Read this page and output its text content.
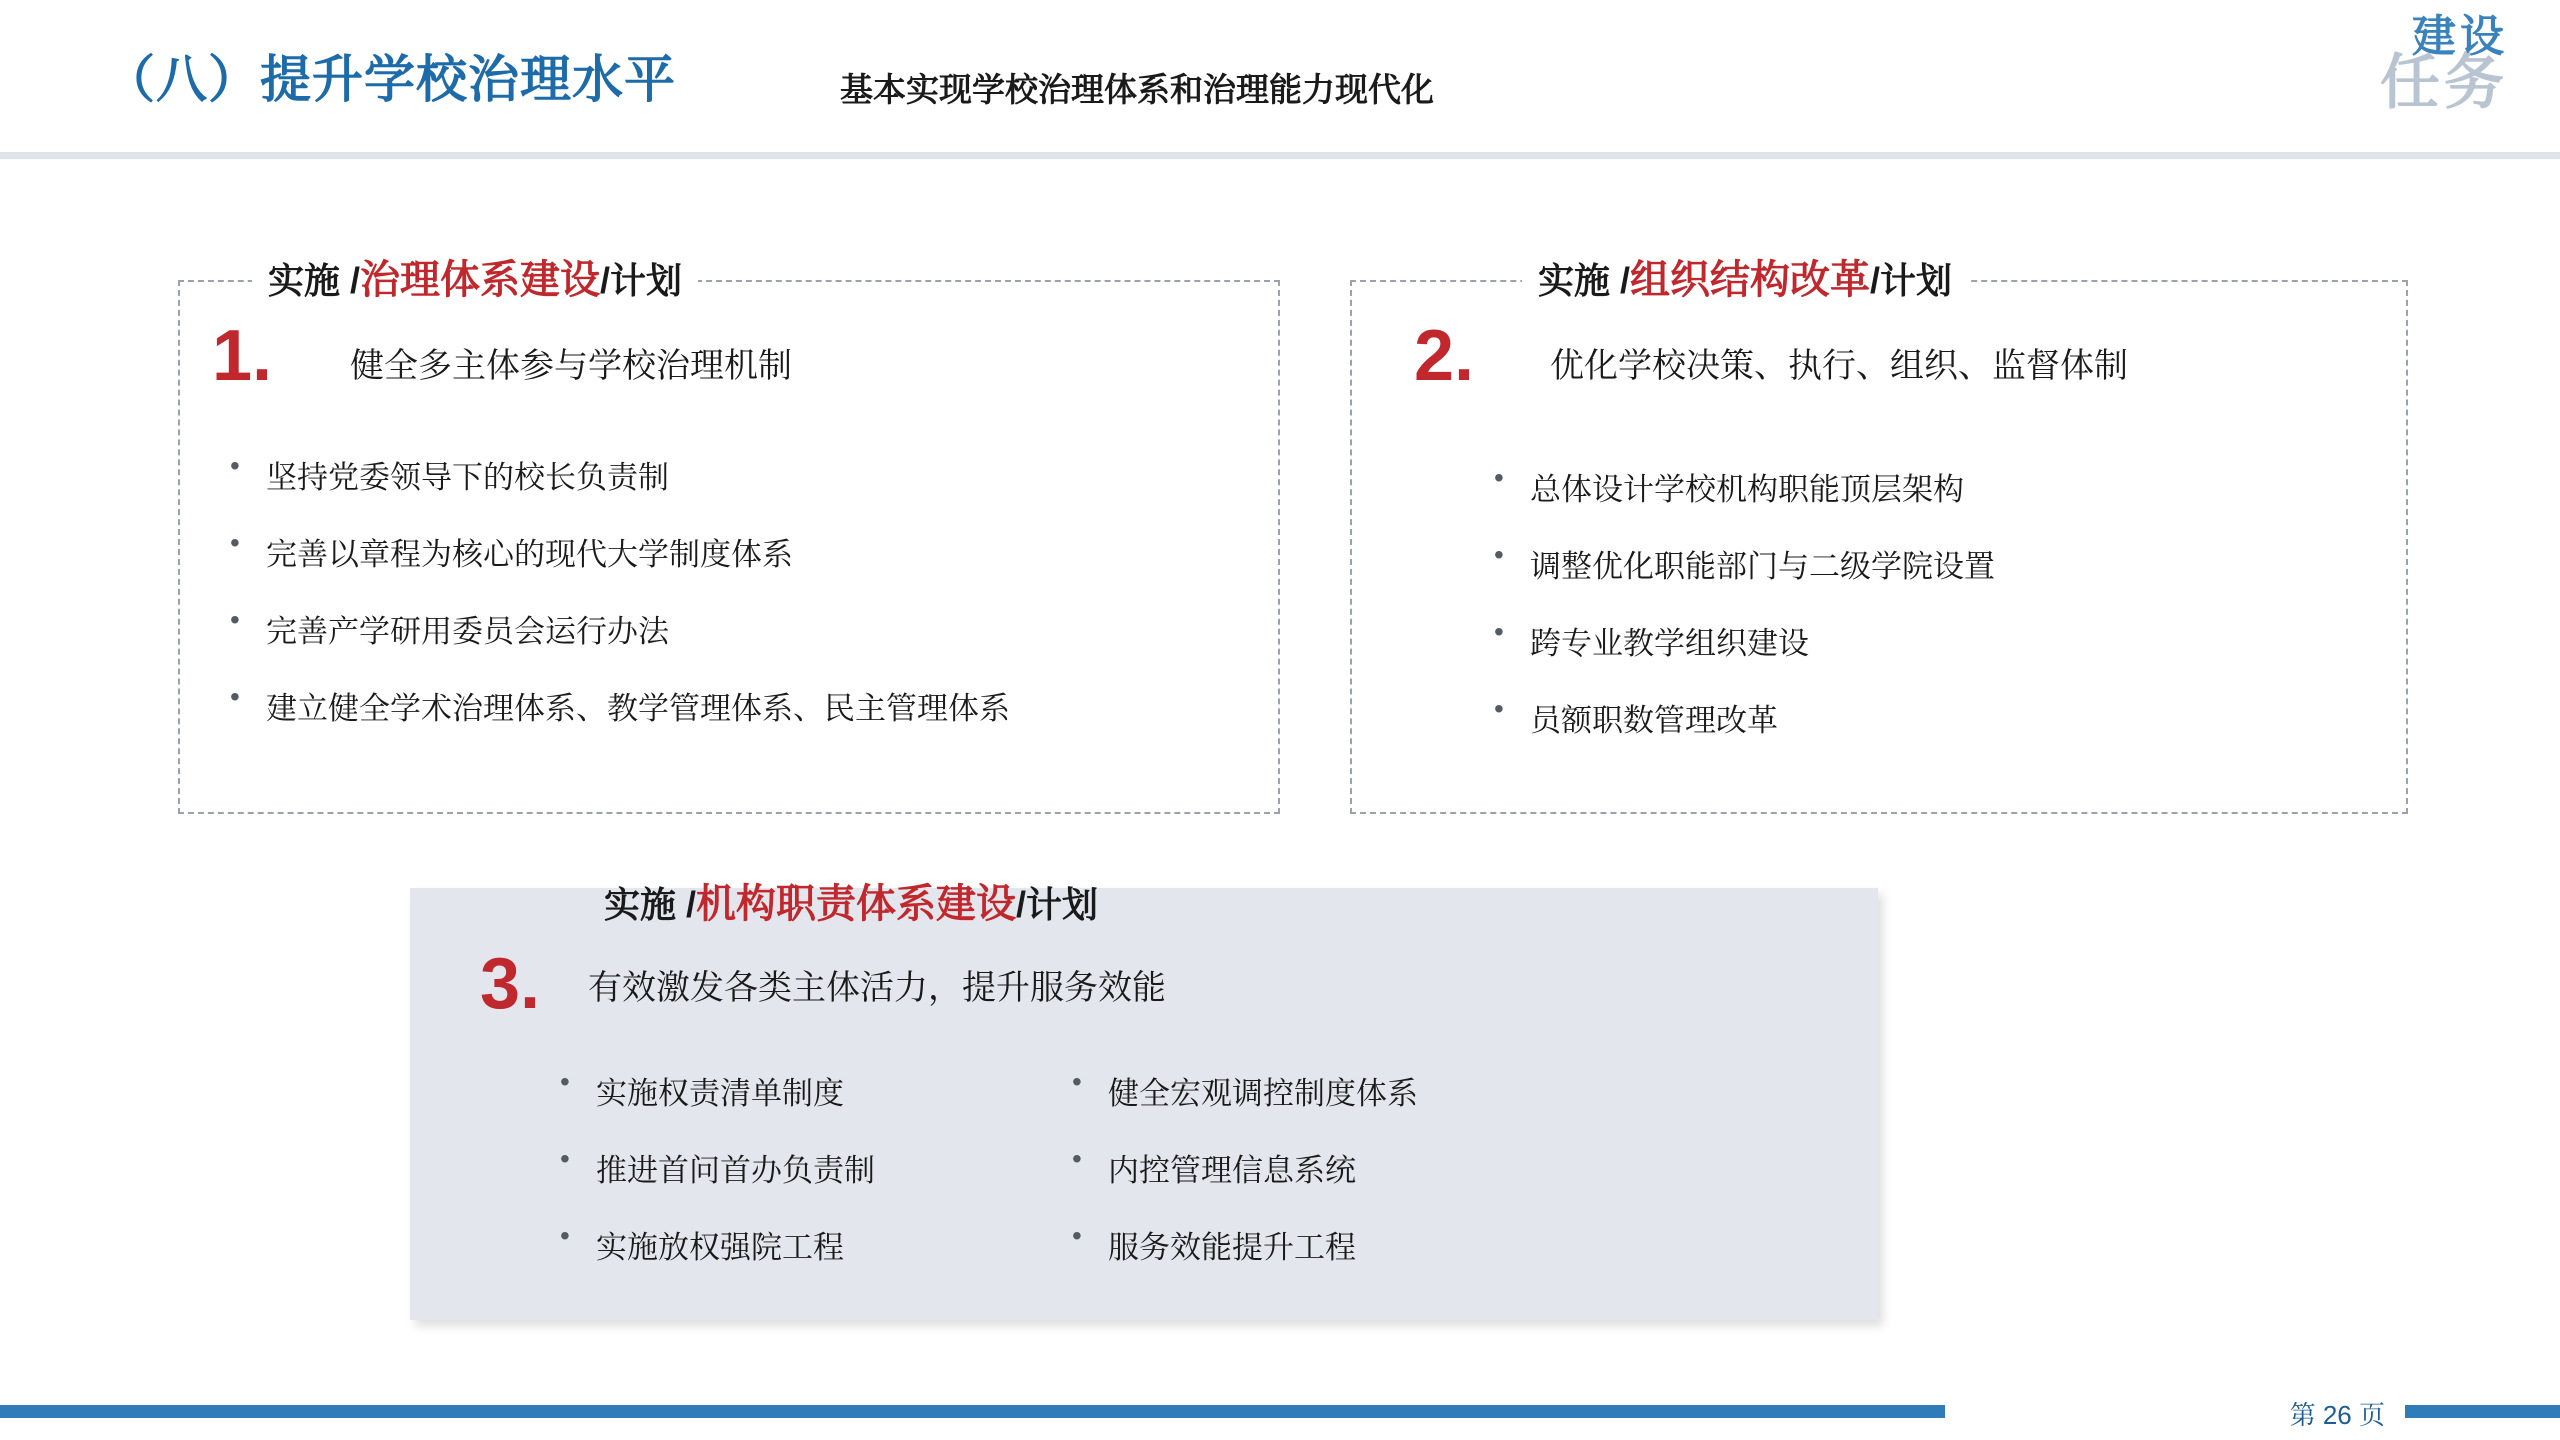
（八）提升学校治理水平	基本实现学校治理体系和治理能力现代化
建设
任务
实施 /治理体系建设/计划
1. 健全多主体参与学校治理机制
• 坚持党委领导下的校长负责制
• 完善以章程为核心的现代大学制度体系
• 完善产学研用委员会运行办法
• 建立健全学术治理体系、教学管理体系、民主管理体系
实施 /组织结构改革/计划
2. 优化学校决策、执行、组织、监督体制
• 总体设计学校机构职能顶层架构
• 调整优化职能部门与二级学院设置
• 跨专业教学组织建设
• 员额职数管理改革
实施 /机构职责体系建设/计划
3. 有效激发各类主体活力，提升服务效能
• 实施权责清单制度
• 推进首问首办负责制
• 实施放权强院工程
• 健全宏观调控制度体系
• 内控管理信息系统
• 服务效能提升工程
第 26 页
